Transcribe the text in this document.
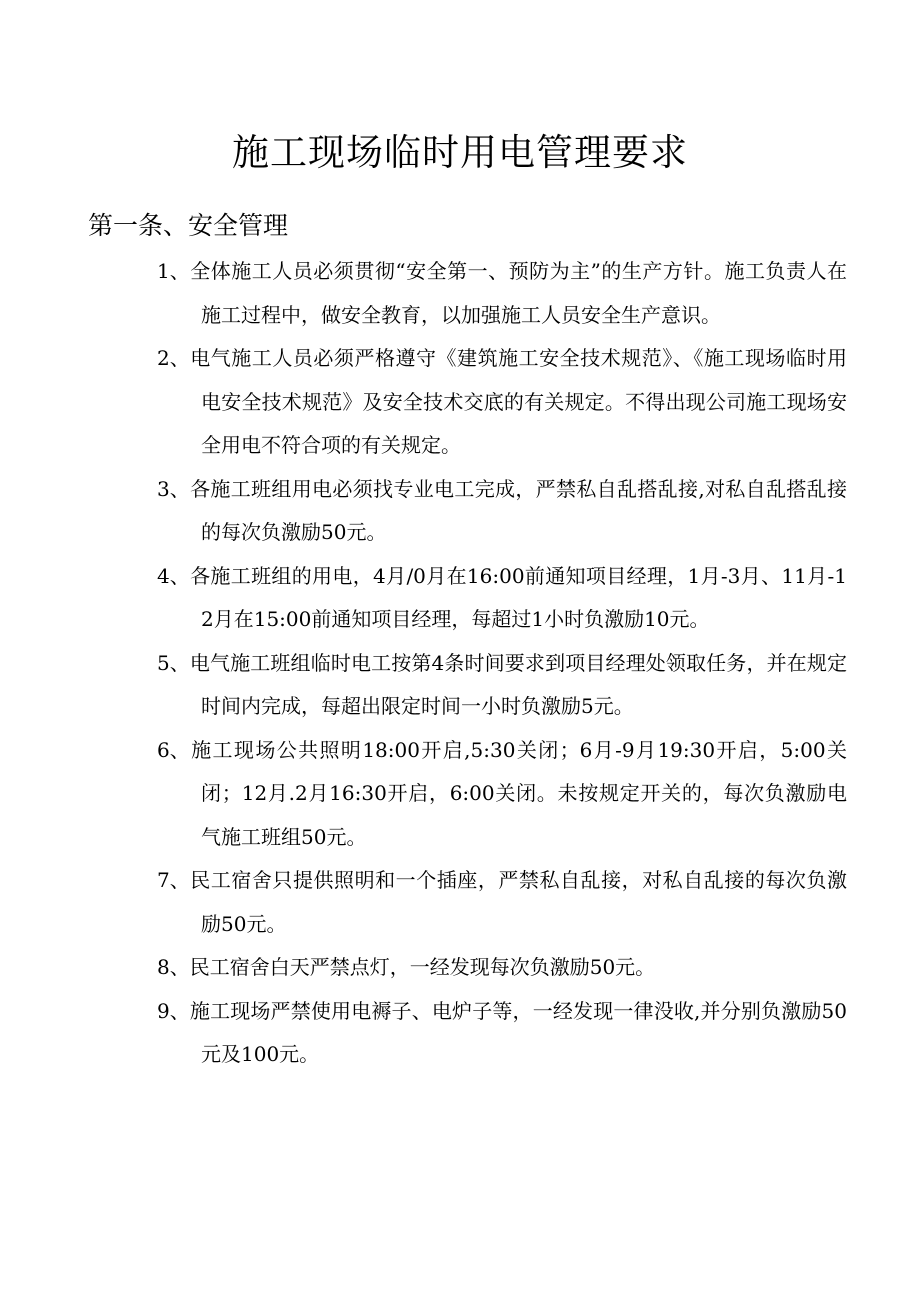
施工现场临时用电管理要求
第一条、安全管理
1、全体施工人员必须贯彻“安全第一、预防为主”的生产方针。施工负责人在施工过程中，做安全教育，以加强施工人员安全生产意识。
2、电气施工人员必须严格遵守《建筑施工安全技术规范》、《施工现场临时用电安全技术规范》及安全技术交底的有关规定。不得出现公司施工现场安全用电不符合项的有关规定。
3、各施工班组用电必须找专业电工完成，严禁私自乱搭乱接,对私自乱搭乱接的每次负激励50元。
4、各施工班组的用电，4月/0月在16:00前通知项目经理，1月-3月、11月-12月在15:00前通知项目经理，每超过1小时负激励10元。
5、电气施工班组临时电工按第4条时间要求到项目经理处领取任务，并在规定时间内完成，每超出限定时间一小时负激励5元。
6、施工现场公共照明18:00开启,5:30关闭；6月-9月19:30开启，5:00关闭；12月.2月16:30开启，6:00关闭。未按规定开关的，每次负激励电气施工班组50元。
7、民工宿舍只提供照明和一个插座，严禁私自乱接，对私自乱接的每次负激励50元。
8、民工宿舍白天严禁点灯，一经发现每次负激励50元。
9、施工现场严禁使用电褥子、电炉子等，一经发现一律没收,并分别负激励50元及100元。
